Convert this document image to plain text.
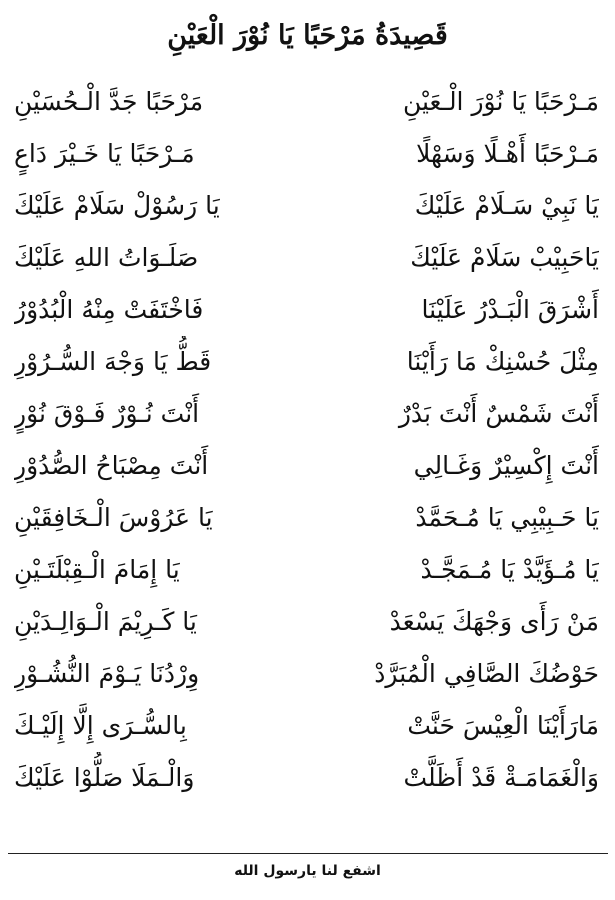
قَصِيدَةُ مَرْحَبًا يَا نُوْرَ الْعَيْنِ
مَـرْحَبًا يَا نُوْرَ الْـعَيْنِ
مَرْحَبًا جَدَّ الْـحُسَيْنِ
مَـرْحَبًا أَهْـلًا وَسَهْلًا
مَـرْحَبًا يَا خَـيْرَ دَاعٍ
يَا نَبِيْ سَـلَامْ عَلَيْكَ
يَا رَسُوْلْ سَلَامْ عَلَيْكَ
يَاحَبِيْبْ سَلَامْ عَلَيْكَ
صَلَـوَاتُ اللهِ عَلَيْكَ
أَشْرَقَ الْبَـدْرُ عَلَيْنَا
فَاخْتَفَتْ مِنْهُ الْبُدُوْرُ
مِثْلَ حُسْنِكْ مَا رَأَيْنَا
قَطُّ يَا وَجْهَ السُّـرُوْرِ
أَنْتَ شَمْسٌ أَنْتَ بَدْرٌ
أَنْتَ نُـوْرٌ فَـوْقَ نُوْرٍ
أَنْتَ إِكْسِيْرٌ وَغَـالِي
أَنْتَ مِصْبَاحُ الصُّدُوْرِ
يَا حَـبِيْبِي يَا مُـحَمَّدْ
يَا عَرُوْسَ الْـخَافِقَيْنِ
يَا مُـؤَيَّدْ يَا مُـمَجَّـدْ
يَا إِمَامَ الْـقِبْلَتَـيْنِ
مَنْ رَأَى وَجْهَكَ يَسْعَدْ
يَا كَـرِيْمَ الْـوَالِـدَيْنِ
حَوْضُكَ الصَّافِي الْمُبَرَّدْ
وِرْدُنَا يَـوْمَ النُّشُـوْرِ
مَارَأَيْنَا الْعِيْسَ حَنَّتْ
بِالسُّـرَى إِلَّا إِلَيْـكَ
وَالْغَمَامَـةْ قَدْ أَظَلَّتْ
وَالْـمَلَا صَلُّوْا عَلَيْكَ
اشفع لنا يارسول الله
